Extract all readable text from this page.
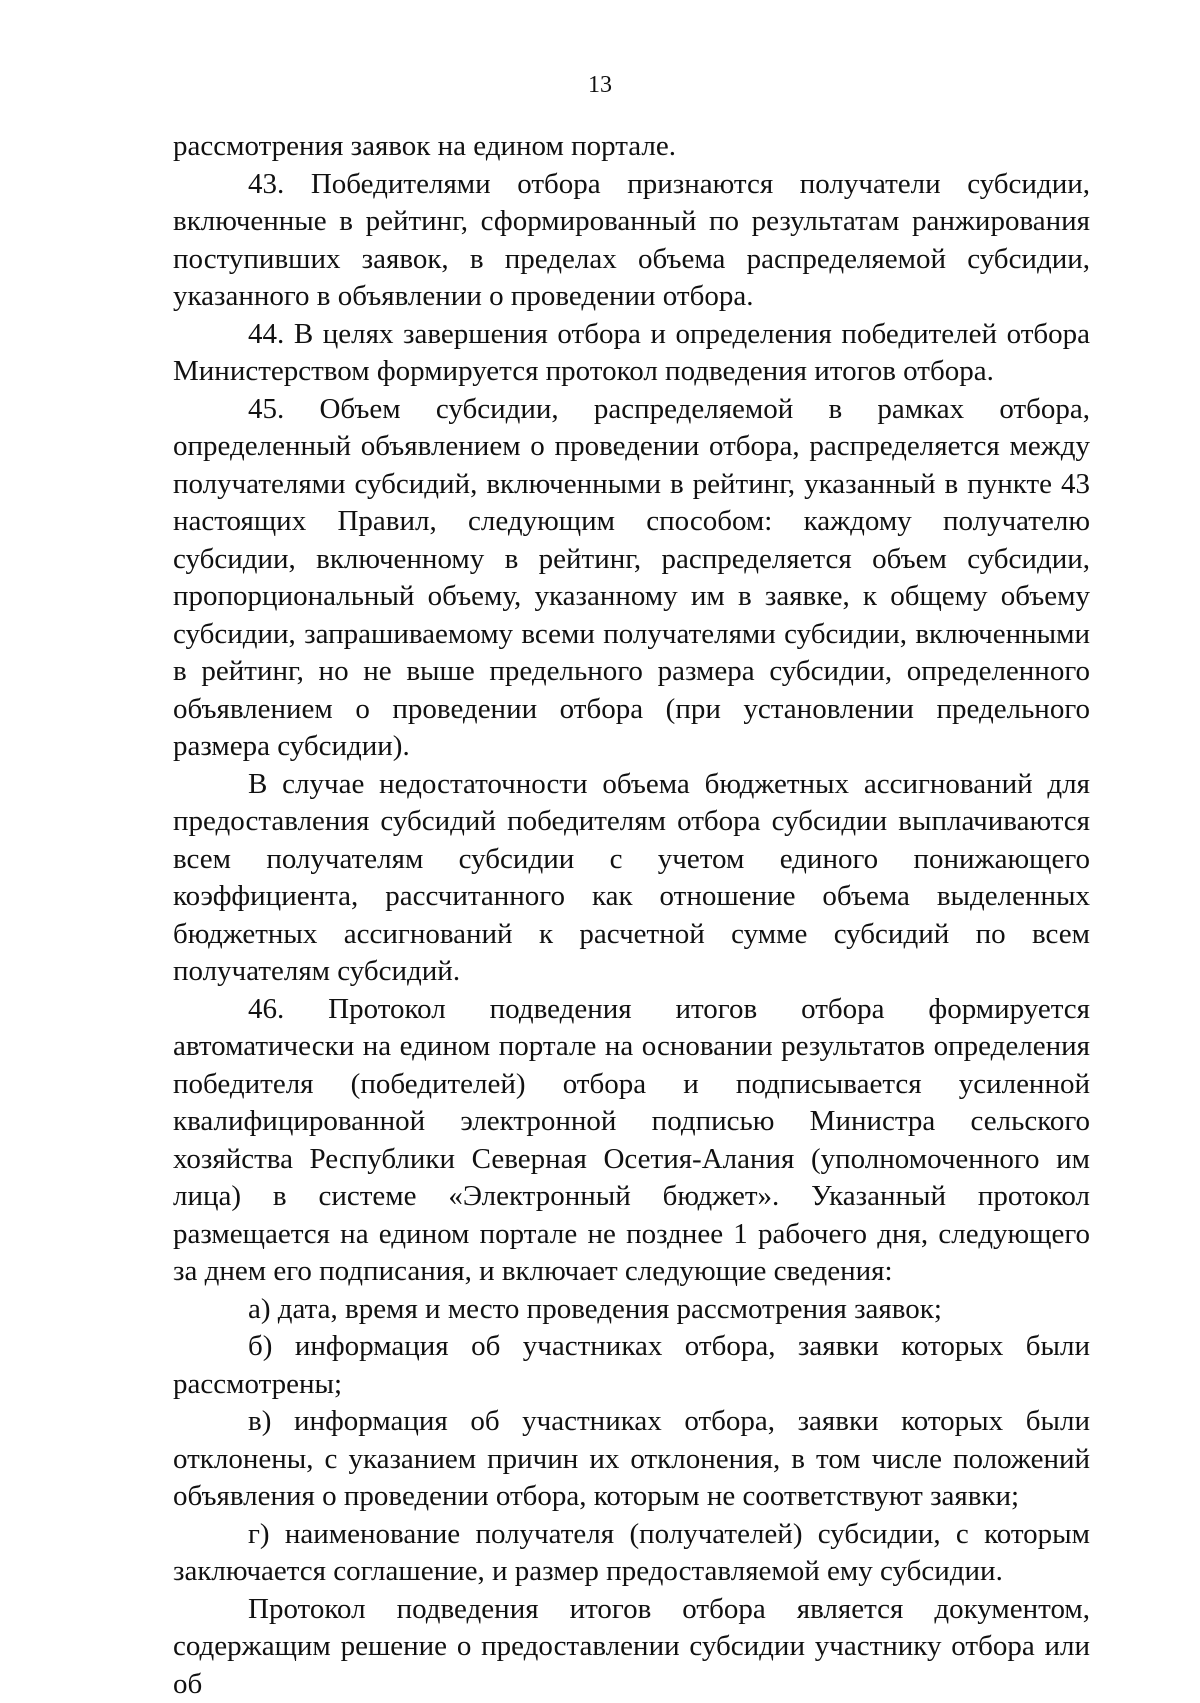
13

рассмотрения заявок на едином портале.

43. Победителями отбора признаются получатели субсидии, включенные в рейтинг, сформированный по результатам ранжирования поступивших заявок, в пределах объема распределяемой субсидии, указанного в объявлении о проведении отбора.

44. В целях завершения отбора и определения победителей отбора Министерством формируется протокол подведения итогов отбора.

45. Объем субсидии, распределяемой в рамках отбора, определенный объявлением о проведении отбора, распределяется между получателями субсидий, включенными в рейтинг, указанный в пункте 43 настоящих Правил, следующим способом: каждому получателю субсидии, включенному в рейтинг, распределяется объем субсидии, пропорциональный объему, указанному им в заявке, к общему объему субсидии, запрашиваемому всеми получателями субсидии, включенными в рейтинг, но не выше предельного размера субсидии, определенного объявлением о проведении отбора (при установлении предельного размера субсидии).

В случае недостаточности объема бюджетных ассигнований для предоставления субсидий победителям отбора субсидии выплачиваются всем получателям субсидии с учетом единого понижающего коэффициента, рассчитанного как отношение объема выделенных бюджетных ассигнований к расчетной сумме субсидий по всем получателям субсидий.

46. Протокол подведения итогов отбора формируется автоматически на едином портале на основании результатов определения победителя (победителей) отбора и подписывается усиленной квалифицированной электронной подписью Министра сельского хозяйства Республики Северная Осетия-Алания (уполномоченного им лица) в системе «Электронный бюджет». Указанный протокол размещается на едином портале не позднее 1 рабочего дня, следующего за днем его подписания, и включает следующие сведения:

а) дата, время и место проведения рассмотрения заявок;

б) информация об участниках отбора, заявки которых были рассмотрены;

в) информация об участниках отбора, заявки которых были отклонены, с указанием причин их отклонения, в том числе положений объявления о проведении отбора, которым не соответствуют заявки;

г) наименование получателя (получателей) субсидии, с которым заключается соглашение, и размер предоставляемой ему субсидии.

Протокол подведения итогов отбора является документом, содержащим решение о предоставлении субсидии участнику отбора или об
